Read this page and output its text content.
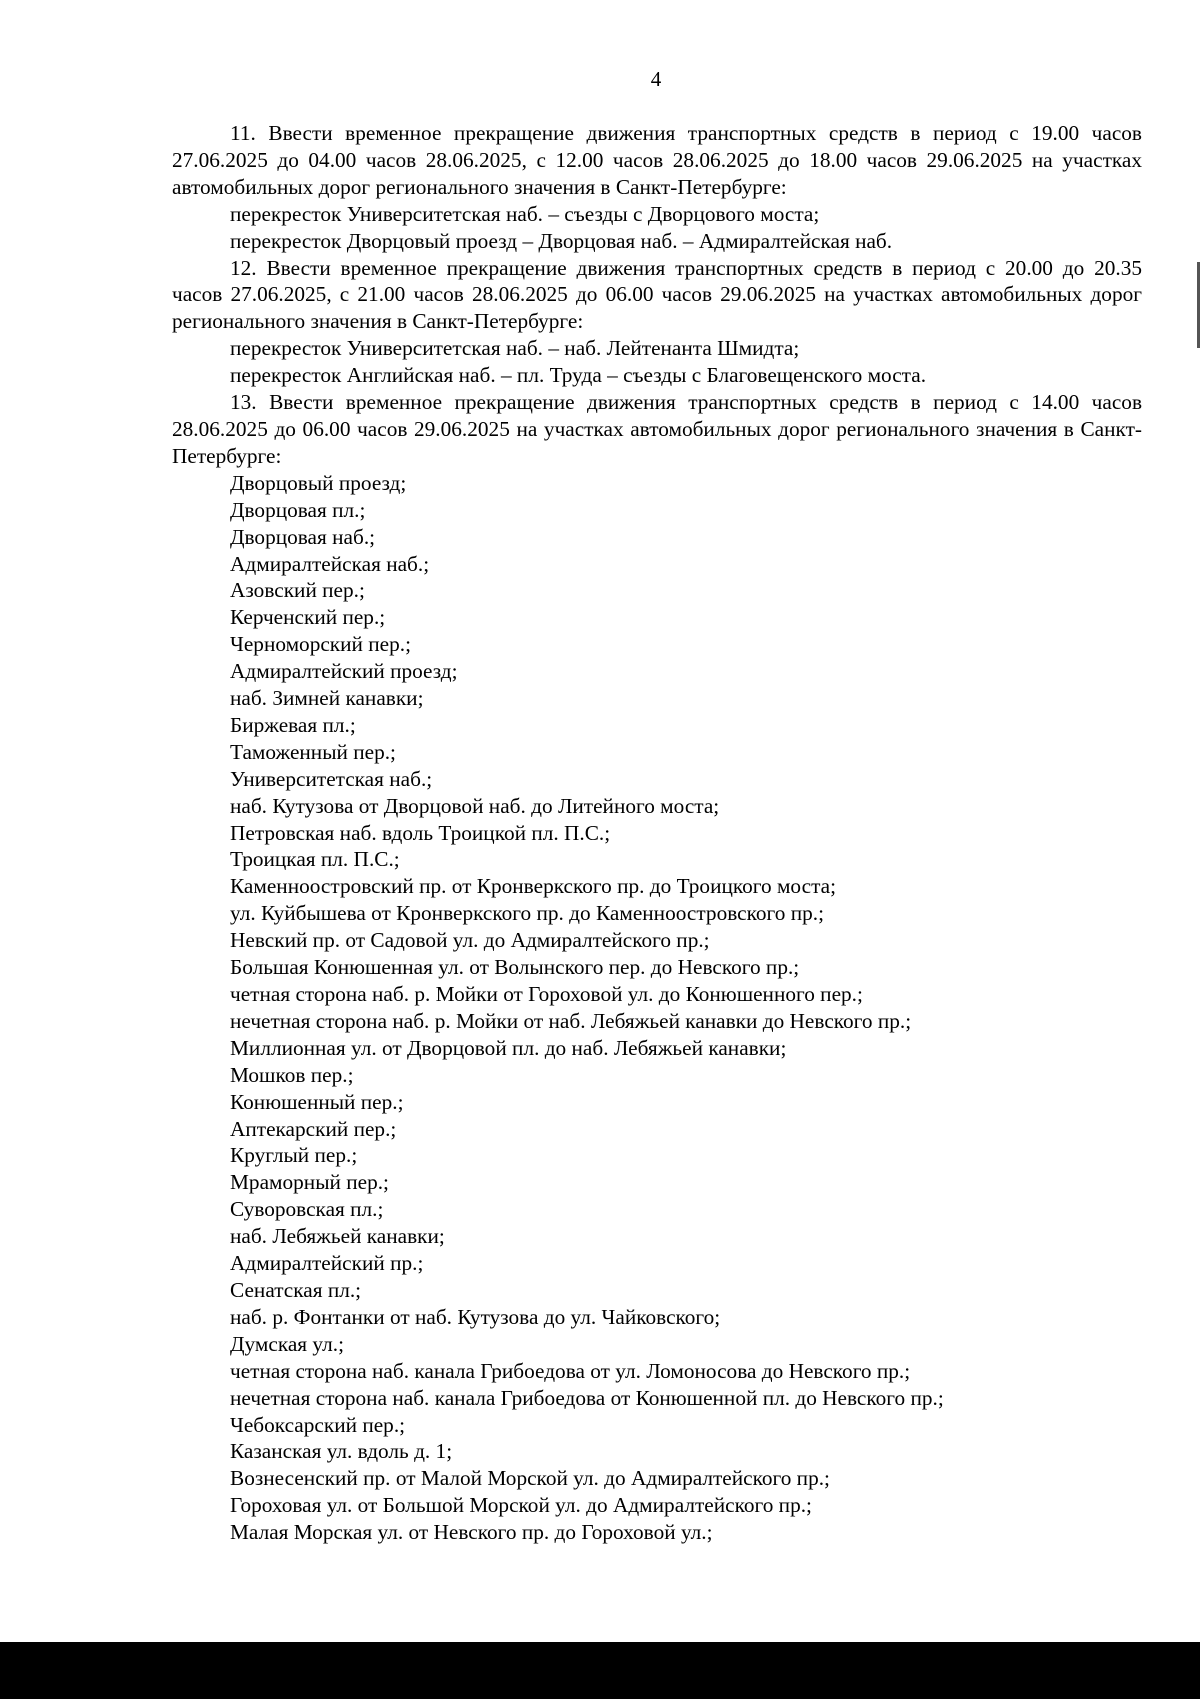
4

11. Ввести временное прекращение движения транспортных средств в период с 19.00 часов 27.06.2025 до 04.00 часов 28.06.2025, с 12.00 часов 28.06.2025 до 18.00 часов 29.06.2025 на участках автомобильных дорог регионального значения в Санкт-Петербурге:

перекресток Университетская наб. – съезды с Дворцового моста;

перекресток Дворцовый проезд – Дворцовая наб. – Адмиралтейская наб.

12. Ввести временное прекращение движения транспортных средств в период с 20.00 до 20.35 часов 27.06.2025, с 21.00 часов 28.06.2025 до 06.00 часов 29.06.2025 на участках автомобильных дорог регионального значения в Санкт-Петербурге:

перекресток Университетская наб. – наб. Лейтенанта Шмидта;

перекресток Английская наб. – пл. Труда – съезды с Благовещенского моста.

13. Ввести временное прекращение движения транспортных средств в период с 14.00 часов 28.06.2025 до 06.00 часов 29.06.2025 на участках автомобильных дорог регионального значения в Санкт-Петербурге:

Дворцовый проезд;

Дворцовая пл.;

Дворцовая наб.;

Адмиралтейская наб.;

Азовский пер.;

Керченский пер.;

Черноморский пер.;

Адмиралтейский проезд;

наб. Зимней канавки;

Биржевая пл.;

Таможенный пер.;

Университетская наб.;

наб. Кутузова от Дворцовой наб. до Литейного моста;

Петровская наб. вдоль Троицкой пл. П.С.;

Троицкая пл. П.С.;

Каменноостровский пр. от Кронверкского пр. до Троицкого моста;

ул. Куйбышева от Кронверкского пр. до Каменноостровского пр.;

Невский пр. от Садовой ул. до Адмиралтейского пр.;

Большая Конюшенная ул. от Волынского пер. до Невского пр.;

четная сторона наб. р. Мойки от Гороховой ул. до Конюшенного пер.;

нечетная сторона наб. р. Мойки от наб. Лебяжьей канавки до Невского пр.;

Миллионная ул. от Дворцовой пл. до наб. Лебяжьей канавки;

Мошков пер.;

Конюшенный пер.;

Аптекарский пер.;

Круглый пер.;

Мраморный пер.;

Суворовская пл.;

наб. Лебяжьей канавки;

Адмиралтейский пр.;

Сенатская пл.;

наб. р. Фонтанки от наб. Кутузова до ул. Чайковского;

Думская ул.;

четная сторона наб. канала Грибоедова от ул. Ломоносова до Невского пр.;

нечетная сторона наб. канала Грибоедова от Конюшенной пл. до Невского пр.;

Чебоксарский пер.;

Казанская ул. вдоль д. 1;

Вознесенский пр. от Малой Морской ул. до Адмиралтейского пр.;

Гороховая ул. от Большой Морской ул. до Адмиралтейского пр.;

Малая Морская ул. от Невского пр. до Гороховой ул.;
